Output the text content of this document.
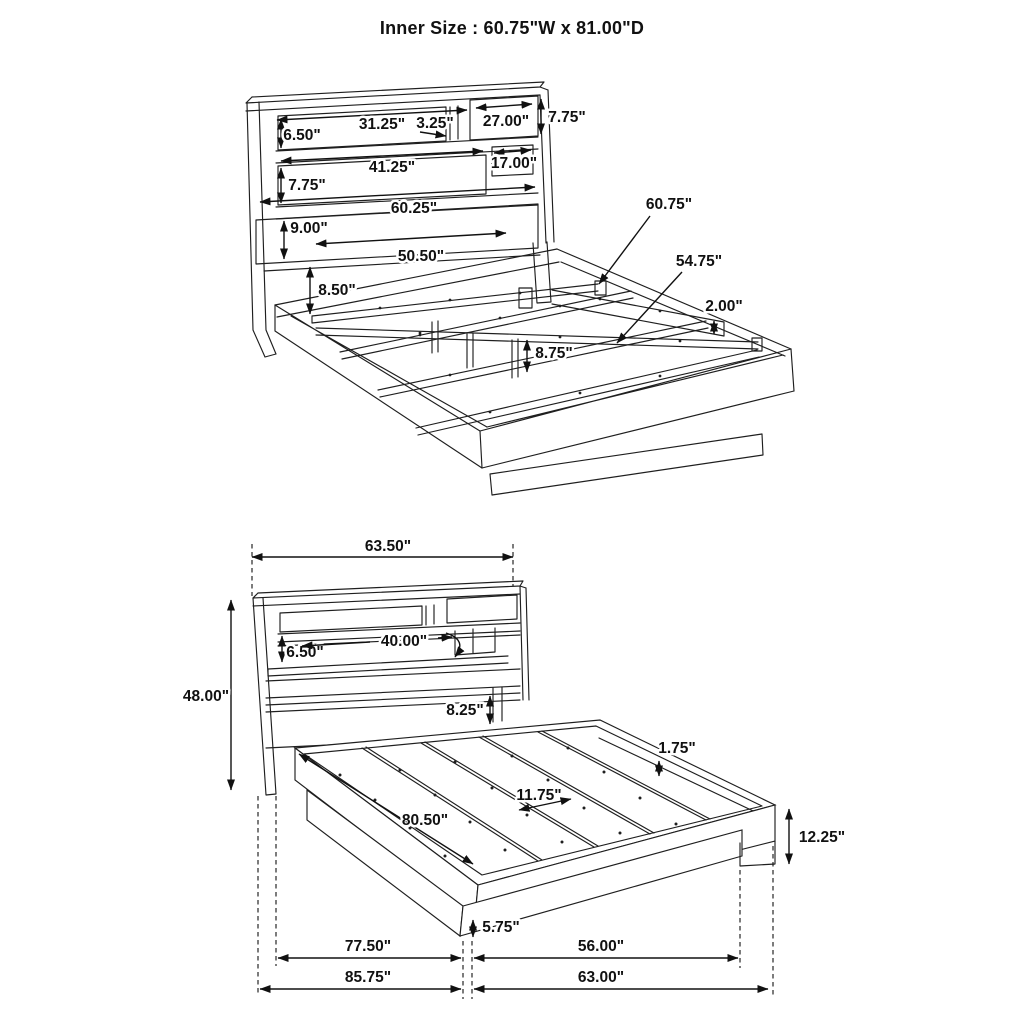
Inner Size : 60.75"W x 81.00"D
6.50"
31.25" 3.25" 27.00" 7.75"
41.25"	17.00"
7.75"
60.25"
9.00"
50.50"
8.50"
8.75"
60.75"
54.75"
2.00"
63.50"
48.00"
6.50"
40.00"
8.25"
1.75"
11.75"
80.50"
12.25"
5.75"
77.50"	56.00"
85.75"	63.00"
